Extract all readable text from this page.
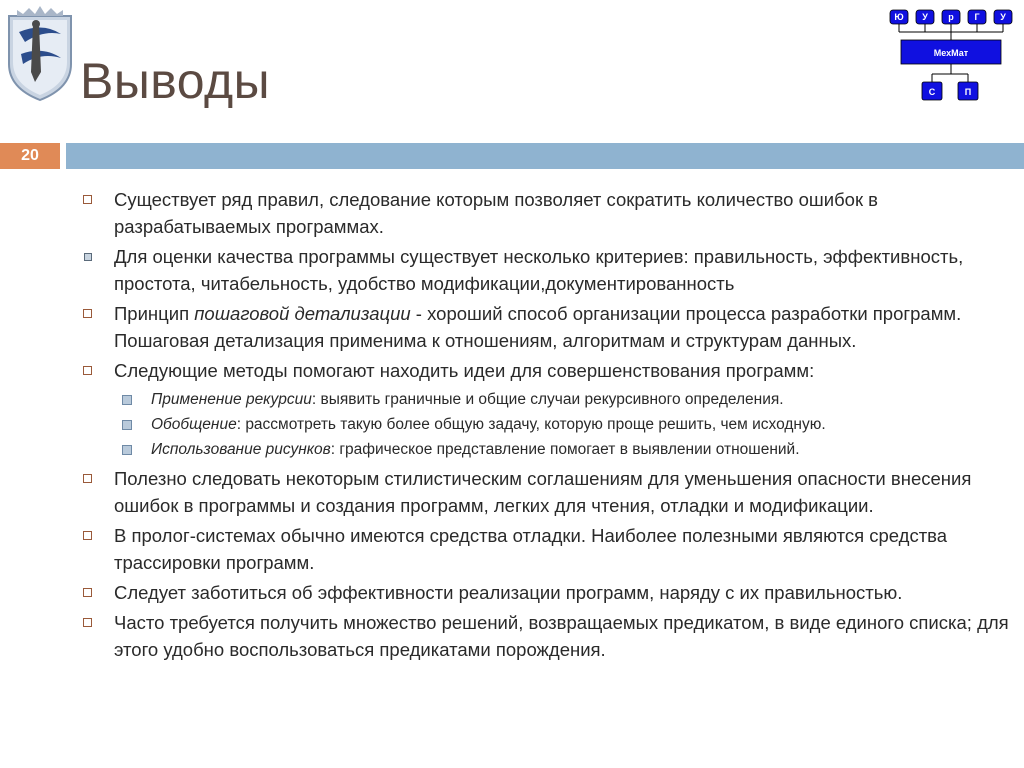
Выводы
Ю У р Г У
МехМат
С	П
20
Существует ряд правил, следование которым позволяет сократить количество ошибок в разрабатываемых программах.
Для оценки качества программы существует несколько критериев: правильность, эффективность, простота, читабельность, удобство модификации,документированность
Принцип пошаговой детализации - хороший способ организации процесса разработки программ. Пошаговая детализация применима к отношениям, алгоритмам и структурам данных.
Следующие методы помогают находить идеи для совершенствования программ:
Применение рекурсии: выявить граничные и общие случаи рекурсивного определения.
Обобщение: рассмотреть такую более общую задачу, которую проще решить, чем исходную.
Использование рисунков: графическое представление помогает в выявлении отношений.
Полезно следовать некоторым стилистическим соглашениям для уменьшения опасности внесения ошибок в программы и создания программ, легких для чтения, отладки и модификации.
В пролог-системах обычно имеются средства отладки. Наиболее полезными являются средства трассировки программ.
Следует заботиться об эффективности реализации программ, наряду с их правильностью.
Часто требуется получить множество решений, возвращаемых предикатом, в виде единого списка; для этого удобно воспользоваться предикатами порождения.
